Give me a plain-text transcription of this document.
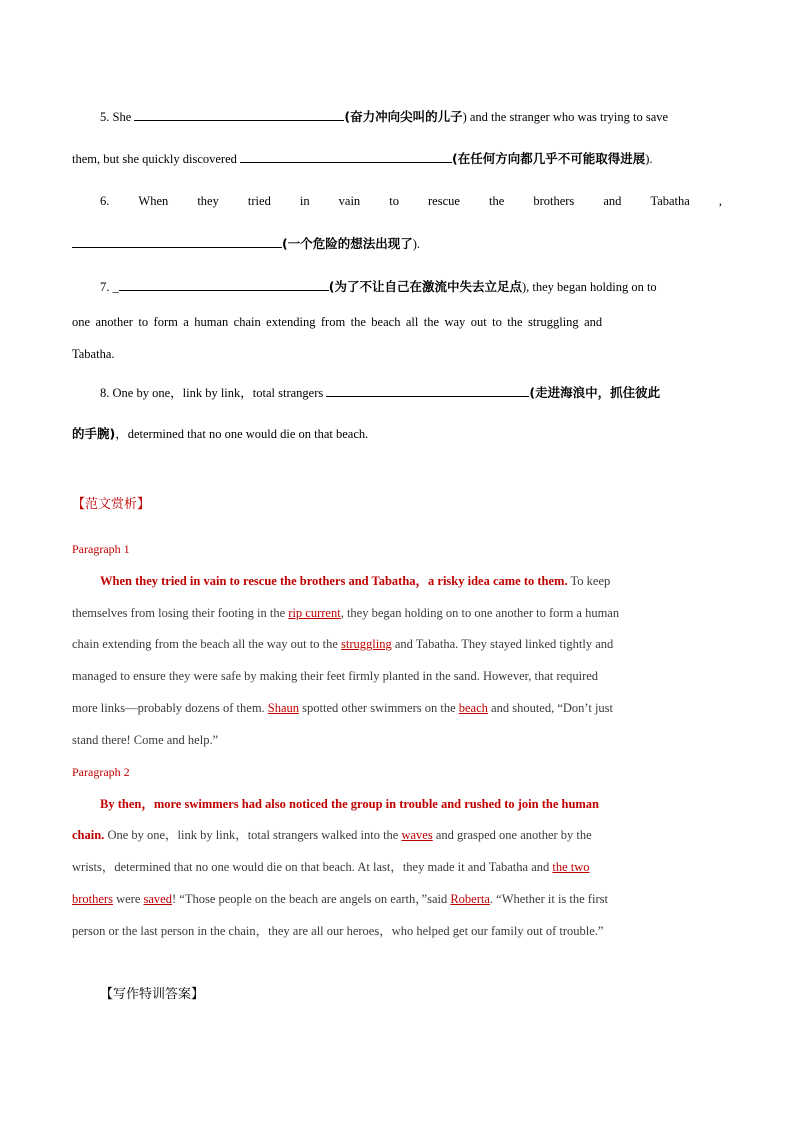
5. She	(奋力冲向尖叫的儿子) and the stranger who was trying to save
them, but she quickly discovered	(在任何方向都几乎不可能取得进展).
6. When they tried in vain to rescue the brothers and Tabatha ,
(一个危险的想法出现了).
7. _	(为了不让自己在激流中失去立足点), they began holding on to
one another to form a human chain extending from the beach all the way out to the struggling and
Tabatha.
8. One by one，link by link，total strangers	(走进海浪中，抓住彼此
的手腕)，determined that no one would die on that beach.
【范文赏析】
Paragraph 1
When they tried in vain to rescue the brothers and Tabatha，a risky idea came to them. To keep
themselves from losing their footing in the rip current, they began holding on to one another to form a human
chain extending from the beach all the way out to the struggling and Tabatha. They stayed linked tightly and
managed to ensure they were safe by making their feet firmly planted in the sand. However, that required
more links—probably dozens of them. Shaun spotted other swimmers on the beach and shouted, “Don’t just
stand there! Come and help.”
Paragraph 2
By then，more swimmers had also noticed the group in trouble and rushed to join the human
chain. One by one，link by link，total strangers walked into the waves and grasped one another by the
wrists，determined that no one would die on that beach. At last，they made it and Tabatha and the two
brothers were saved! “Those people on the beach are angels on earth，”said Roberta. “Whether it is the first
person or the last person in the chain，they are all our heroes，who helped get our family out of trouble.”
【写作特训答案】
